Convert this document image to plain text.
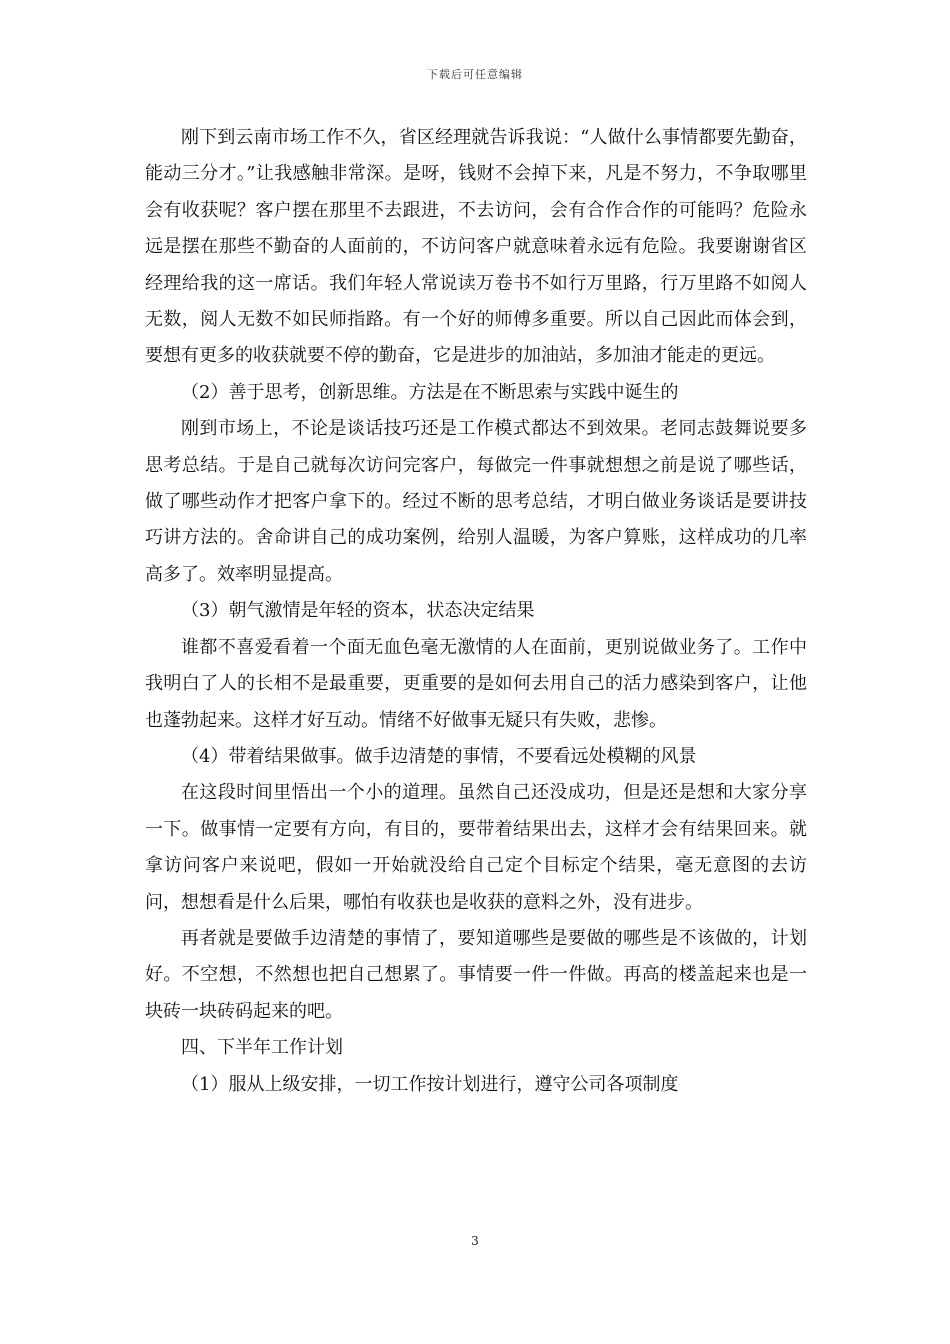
下载后可任意编辑

刚下到云南市场工作不久，省区经理就告诉我说：“人做什么事情都要先勤奋，能动三分才。”让我感触非常深。是呀，钱财不会掉下来，凡是不努力，不争取哪里会有收获呢？客户摆在那里不去跟进，不去访问，会有合作合作的可能吗？危险永远是摆在那些不勤奋的人面前的，不访问客户就意味着永远有危险。我要谢谢省区经理给我的这一席话。我们年轻人常说读万卷书不如行万里路，行万里路不如阅人无数，阅人无数不如民师指路。有一个好的师傅多重要。所以自己因此而体会到，要想有更多的收获就要不停的勤奋，它是进步的加油站，多加油才能走的更远。

（2）善于思考，创新思维。方法是在不断思索与实践中诞生的

刚到市场上，不论是谈话技巧还是工作模式都达不到效果。老同志鼓舞说要多思考总结。于是自己就每次访问完客户，每做完一件事就想想之前是说了哪些话，做了哪些动作才把客户拿下的。经过不断的思考总结，才明白做业务谈话是要讲技巧讲方法的。舍命讲自己的成功案例，给别人温暖，为客户算账，这样成功的几率高多了。效率明显提高。

（3）朝气激情是年轻的资本，状态决定结果

谁都不喜爱看着一个面无血色毫无激情的人在面前，更别说做业务了。工作中我明白了人的长相不是最重要，更重要的是如何去用自己的活力感染到客户，让他也蓬勃起来。这样才好互动。情绪不好做事无疑只有失败，悲惨。

（4）带着结果做事。做手边清楚的事情，不要看远处模糊的风景

在这段时间里悟出一个小的道理。虽然自己还没成功，但是还是想和大家分享一下。做事情一定要有方向，有目的，要带着结果出去，这样才会有结果回来。就拿访问客户来说吧，假如一开始就没给自己定个目标定个结果，毫无意图的去访问，想想看是什么后果，哪怕有收获也是收获的意料之外，没有进步。

再者就是要做手边清楚的事情了，要知道哪些是要做的哪些是不该做的，计划好。不空想，不然想也把自己想累了。事情要一件一件做。再高的楼盖起来也是一块砖一块砖码起来的吧。

四、下半年工作计划

（1）服从上级安排，一切工作按计划进行，遵守公司各项制度

3
